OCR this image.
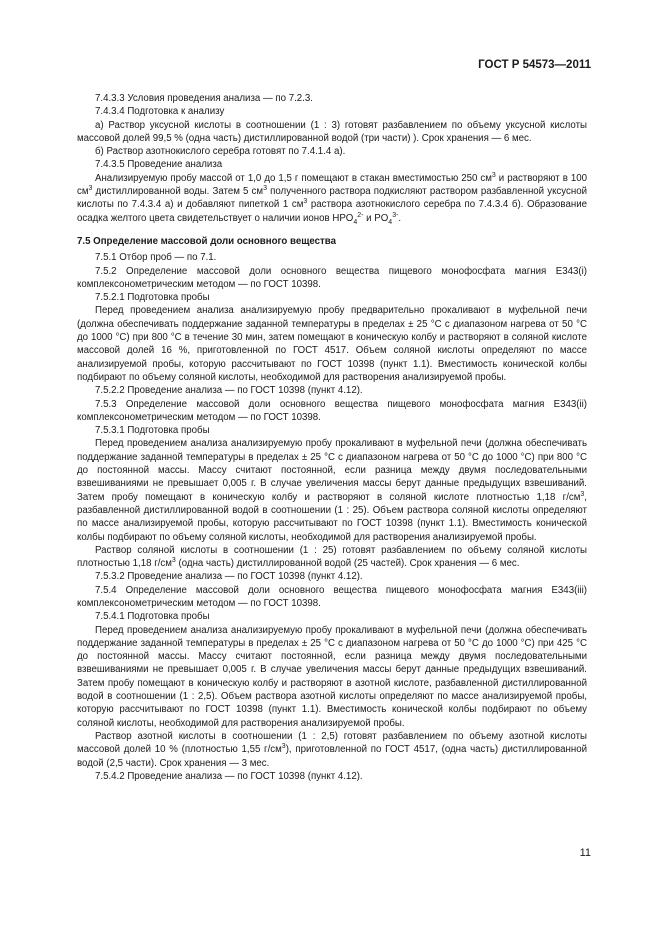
ГОСТ Р 54573—2011

7.4.3.3 Условия проведения анализа — по 7.2.3.

7.4.3.4 Подготовка к анализу

а) Раствор уксусной кислоты в соотношении (1 : 3) готовят разбавлением по объему уксусной кислоты массовой долей 99,5 % (одна часть) дистиллированной водой (три части) ). Срок хранения — 6 мес.

б) Раствор азотнокислого серебра готовят по 7.4.1.4 а).

7.4.3.5 Проведение анализа

Анализируемую пробу массой от 1,0 до 1,5 г помещают в стакан вместимостью 250 $см^3$ и растворяют в 100 $см^3$ дистиллированной воды. Затем 5 $см^3$ полученного раствора подкисляют раствором разбавленной уксусной кислоты по 7.4.3.4 а) и добавляют пипеткой 1 $см^3$ раствора азотнокислого серебра по 7.4.3.4 б). Образование осадка желтого цвета свидетельствует о наличии ионов $HPO_4^{2-}$ и $PO_4^{3-}$.

7.5 Определение массовой доли основного вещества

7.5.1 Отбор проб — по 7.1.

7.5.2 Определение массовой доли основного вещества пищевого монофосфата магния Е343(i) комплексонометрическим методом — по ГОСТ 10398.

7.5.2.1 Подготовка пробы

Перед проведением анализа анализируемую пробу предварительно прокаливают в муфельной печи (должна обеспечивать поддержание заданной температуры в пределах ± 25 °С с диапазоном нагрева от 50 °С до 1000 °С) при 800 °С в течение 30 мин, затем помещают в коническую колбу и растворяют в соляной кислоте массовой долей 16 %, приготовленной по ГОСТ 4517. Объем соляной кислоты определяют по массе анализируемой пробы, которую рассчитывают по ГОСТ 10398 (пункт 1.1). Вместимость конической колбы подбирают по объему соляной кислоты, необходимой для растворения анализируемой пробы.

7.5.2.2 Проведение анализа — по ГОСТ 10398 (пункт 4.12).

7.5.3 Определение массовой доли основного вещества пищевого монофосфата магния Е343(ii) комплексонометрическим методом — по ГОСТ 10398.

7.5.3.1 Подготовка пробы

Перед проведением анализа анализируемую пробу прокаливают в муфельной печи (должна обеспечивать поддержание заданной температуры в пределах ± 25 °С с диапазоном нагрева от 50 °С до 1000 °С) при 800 °С до постоянной массы. Массу считают постоянной, если разница между двумя последовательными взвешиваниями не превышает 0,005 г. В случае увеличения массы берут данные предыдущих взвешиваний. Затем пробу помещают в коническую колбу и растворяют в соляной кислоте плотностью 1,18 $г/см^3$, разбавленной дистиллированной водой в соотношении (1 : 25). Объем раствора соляной кислоты определяют по массе анализируемой пробы, которую рассчитывают по ГОСТ 10398 (пункт 1.1). Вместимость конической колбы подбирают по объему соляной кислоты, необходимой для растворения анализируемой пробы.

Раствор соляной кислоты в соотношении (1 : 25) готовят разбавлением по объему соляной кислоты плотностью 1,18 $г/см^3$ (одна часть) дистиллированной водой (25 частей). Срок хранения — 6 мес.

7.5.3.2 Проведение анализа — по ГОСТ 10398 (пункт 4.12).

7.5.4 Определение массовой доли основного вещества пищевого монофосфата магния Е343(iii) комплексонометрическим методом — по ГОСТ 10398.

7.5.4.1 Подготовка пробы

Перед проведением анализа анализируемую пробу прокаливают в муфельной печи (должна обеспечивать поддержание заданной температуры в пределах ± 25 °С с диапазоном нагрева от 50 °С до 1000 °С) при 425 °С до постоянной массы. Массу считают постоянной, если разница между двумя последовательными взвешиваниями не превышает 0,005 г. В случае увеличения массы берут данные предыдущих взвешиваний. Затем пробу помещают в коническую колбу и растворяют в азотной кислоте, разбавленной дистиллированной водой в соотношении (1 : 2,5). Объем раствора азотной кислоты определяют по массе анализируемой пробы, которую рассчитывают по ГОСТ 10398 (пункт 1.1). Вместимость конической колбы подбирают по объему соляной кислоты, необходимой для растворения анализируемой пробы.

Раствор азотной кислоты в соотношении (1 : 2,5) готовят разбавлением по объему азотной кислоты массовой долей 10 % (плотностью 1,55 $г/см^3$), приготовленной по ГОСТ 4517, (одна часть) дистиллированной водой (2,5 части). Срок хранения — 3 мес.

7.5.4.2 Проведение анализа — по ГОСТ 10398 (пункт 4.12).

11
